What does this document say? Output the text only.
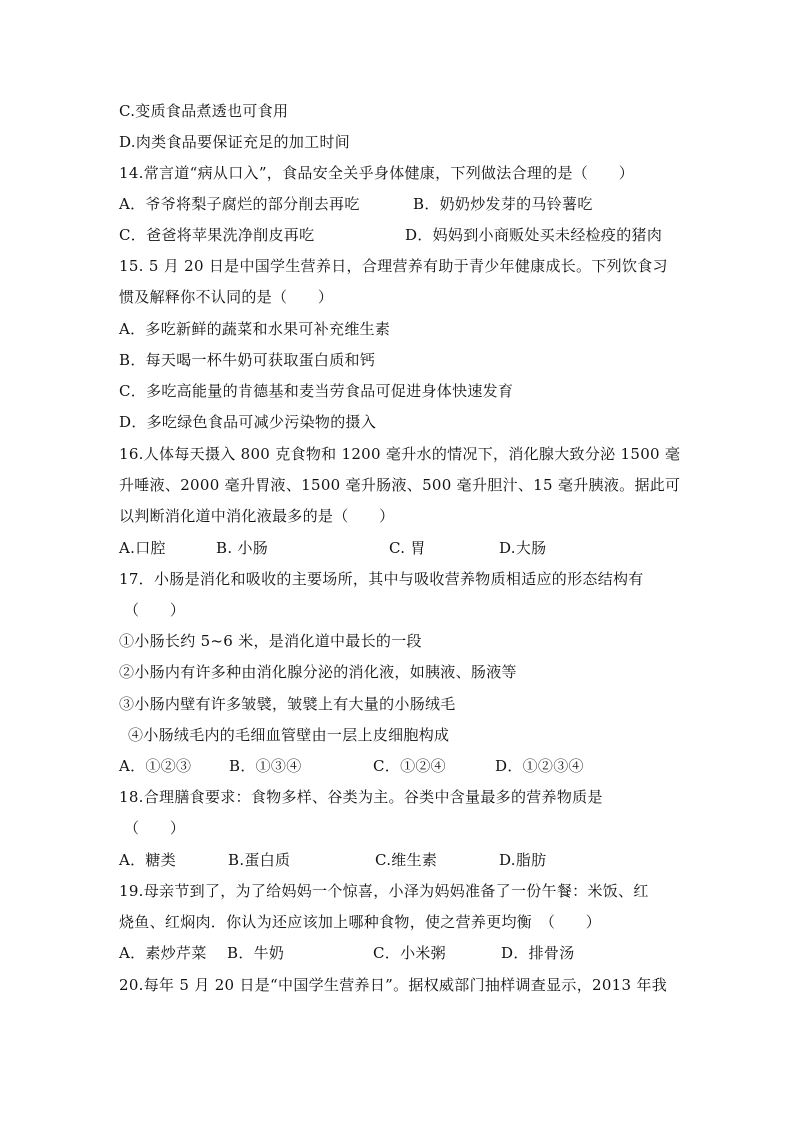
C.变质食品煮透也可食用
D.肉类食品要保证充足的加工时间
14.常言道“病从口入”，食品安全关乎身体健康，下列做法合理的是（　　）
A．爷爷将梨子腐烂的部分削去再吃	B．奶奶炒发芽的马铃薯吃
C．爸爸将苹果洗净削皮再吃	D．妈妈到小商贩处买未经检疫的猪肉
15. 5 月 20 日是中国学生营养日，合理营养有助于青少年健康成长。下列饮食习
惯及解释你不认同的是（　　）
A．多吃新鲜的蔬菜和水果可补充维生素
B．每天喝一杯牛奶可获取蛋白质和钙
C．多吃高能量的肯德基和麦当劳食品可促进身体快速发育
D．多吃绿色食品可减少污染物的摄入
16.人体每天摄入 800 克食物和 1200 毫升水的情况下，消化腺大致分泌 1500 毫
升唾液、2000 毫升胃液、1500 毫升肠液、500 毫升胆汁、15 毫升胰液。据此可
以判断消化道中消化液最多的是（　　）
A.口腔	B. 小肠	C. 胃	D.大肠
17．小肠是消化和吸收的主要场所，其中与吸收营养物质相适应的形态结构有
（　　）
①小肠长约 5~6 米，是消化道中最长的一段
②小肠内有许多种由消化腺分泌的消化液，如胰液、肠液等
③小肠内壁有许多皱襞，皱襞上有大量的小肠绒毛
④小肠绒毛内的毛细血管壁由一层上皮细胞构成
A．①②③	B．①③④	C．①②④	D．①②③④
18.合理膳食要求：食物多样、谷类为主。谷类中含量最多的营养物质是
（　　）
A．糖类	B.蛋白质	C.维生素	D.脂肪
19.母亲节到了，为了给妈妈一个惊喜，小泽为妈妈准备了一份午餐：米饭、红
烧鱼、红焖肉．你认为还应该加上哪种食物，使之营养更均衡　（　　）
A．素炒芹菜 B．牛奶	C．小米粥	D．排骨汤
20.每年 5 月 20 日是“中国学生营养日”。据权威部门抽样调查显示，2013 年我
